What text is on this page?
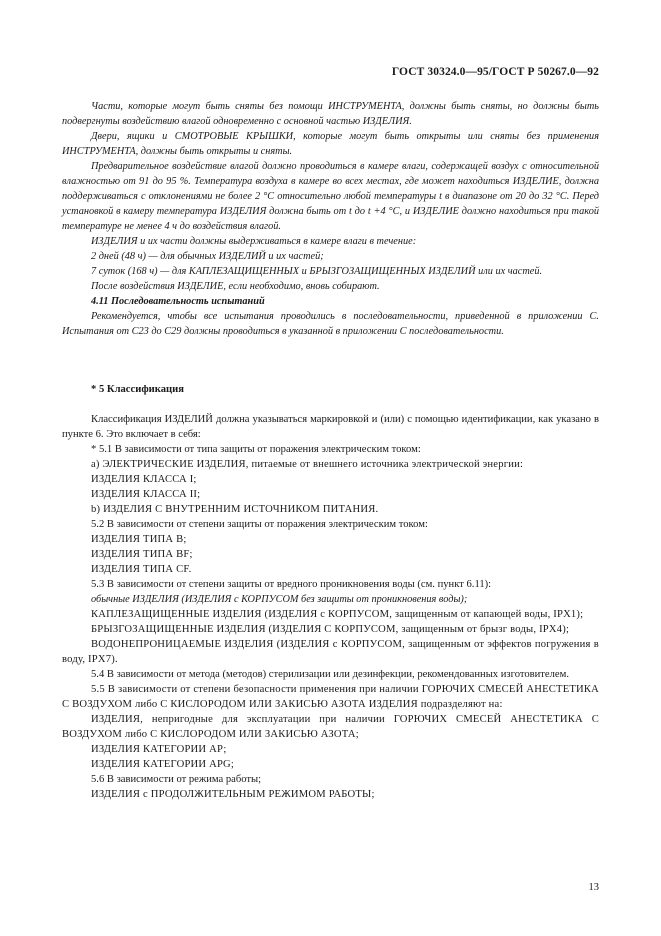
ГОСТ 30324.0—95/ГОСТ Р 50267.0—92

Части, которые могут быть сняты без помощи ИНСТРУМЕНТА, должны быть сняты, но должны быть подвергнуты воздействию влагой одновременно с основной частью ИЗДЕЛИЯ.

Двери, ящики и СМОТРОВЫЕ КРЫШКИ, которые могут быть открыты или сняты без применения ИНСТРУМЕНТА, должны быть открыты и сняты.

Предварительное воздействие влагой должно проводиться в камере влаги, содержащей воздух с относительной влажностью от 91 до 95 %. Температура воздуха в камере во всех местах, где может находиться ИЗДЕЛИЕ, должна поддерживаться с отклонениями не более 2 °С относительно любой температуры t в диапазоне от 20 до 32 °С. Перед установкой в камеру температура ИЗДЕЛИЯ должна быть от t до t +4 °С, и ИЗДЕЛИЕ должно находиться при такой температуре не менее 4 ч до воздействия влагой.

ИЗДЕЛИЯ и их части должны выдерживаться в камере влаги в течение:

2 дней (48 ч) — для обычных ИЗДЕЛИЙ и их частей;

7 суток (168 ч) — для КАПЛЕЗАЩИЩЕННЫХ и БРЫЗГОЗАЩИЩЕННЫХ ИЗДЕЛИЙ или их частей.

После воздействия ИЗДЕЛИЕ, если необходимо, вновь собирают.

4.11 Последовательность испытаний

Рекомендуется, чтобы все испытания проводились в последовательности, приведенной в приложении С. Испытания от С23 до С29 должны проводиться в указанной в приложении С последовательности.

* 5 Классификация

Классификация ИЗДЕЛИЙ должна указываться маркировкой и (или) с помощью идентификации, как указано в пункте 6. Это включает в себя:

* 5.1 В зависимости от типа защиты от поражения электрическим током:

а) ЭЛЕКТРИЧЕСКИЕ ИЗДЕЛИЯ, питаемые от внешнего источника электрической энергии:

ИЗДЕЛИЯ КЛАССА I;

ИЗДЕЛИЯ КЛАССА II;

b) ИЗДЕЛИЯ С ВНУТРЕННИМ ИСТОЧНИКОМ ПИТАНИЯ.

5.2 В зависимости от степени защиты от поражения электрическим током:

ИЗДЕЛИЯ ТИПА В;

ИЗДЕЛИЯ ТИПА BF;

ИЗДЕЛИЯ ТИПА CF.

5.3 В зависимости от степени защиты от вредного проникновения воды (см. пункт 6.11):

обычные ИЗДЕЛИЯ (ИЗДЕЛИЯ с КОРПУСОМ без защиты от проникновения воды);

КАПЛЕЗАЩИЩЕННЫЕ ИЗДЕЛИЯ (ИЗДЕЛИЯ с КОРПУСОМ, защищенным от капающей воды, IPX1);

БРЫЗГОЗАЩИЩЕННЫЕ ИЗДЕЛИЯ (ИЗДЕЛИЯ С КОРПУСОМ, защищенным от брызг воды, IPX4);

ВОДОНЕПРОНИЦАЕМЫЕ ИЗДЕЛИЯ (ИЗДЕЛИЯ с КОРПУСОМ, защищенным от эффектов погружения в воду, IPX7).

5.4 В зависимости от метода (методов) стерилизации или дезинфекции, рекомендованных изготовителем.

5.5 В зависимости от степени безопасности применения при наличии ГОРЮЧИХ СМЕСЕЙ АНЕСТЕТИКА С ВОЗДУХОМ либо С КИСЛОРОДОМ ИЛИ ЗАКИСЬЮ АЗОТА ИЗДЕЛИЯ подразделяют на:

ИЗДЕЛИЯ, непригодные для эксплуатации при наличии ГОРЮЧИХ СМЕСЕЙ АНЕСТЕТИКА С ВОЗДУХОМ либо С КИСЛОРОДОМ ИЛИ ЗАКИСЬЮ АЗОТА;

ИЗДЕЛИЯ КАТЕГОРИИ АР;

ИЗДЕЛИЯ КАТЕГОРИИ APG;

5.6 В зависимости от режима работы;

ИЗДЕЛИЯ с ПРОДОЛЖИТЕЛЬНЫМ РЕЖИМОМ РАБОТЫ;

13
